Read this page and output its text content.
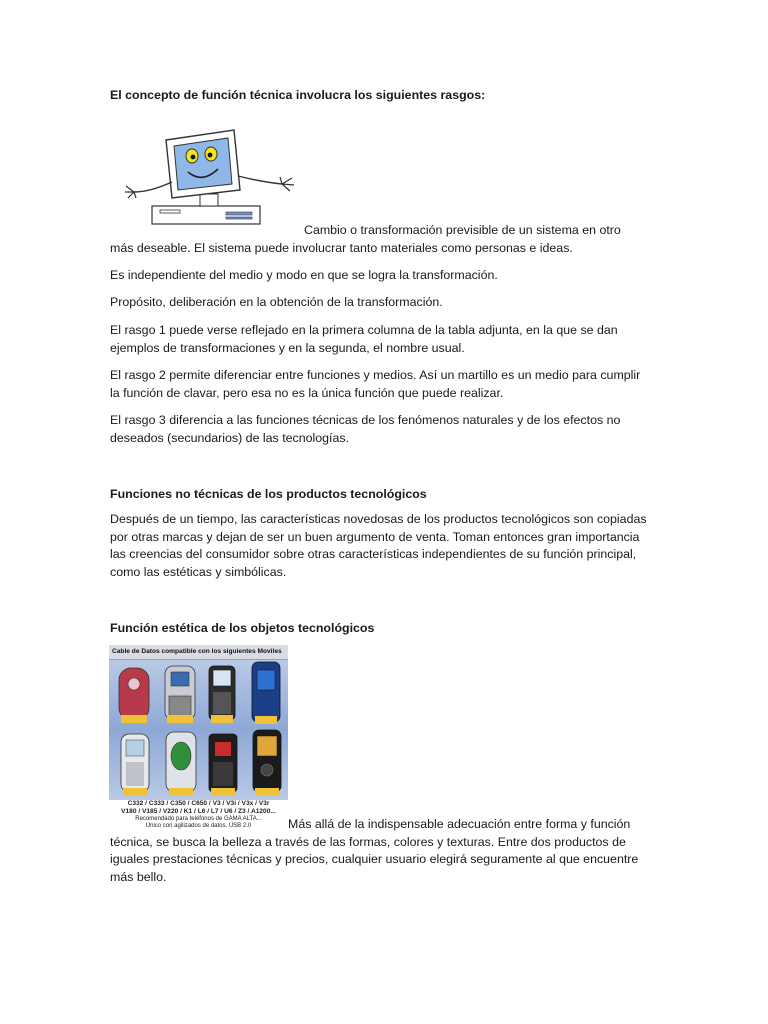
El concepto de función técnica involucra los siguientes rasgos:

Cambio o transformación previsible de un sistema en otro
más deseable. El sistema puede involucrar tanto materiales como personas e ideas.

Es independiente del medio y modo en que se logra la transformación.

Propósito, deliberación en la obtención de la transformación.

El rasgo 1 puede verse reflejado en la primera columna de la tabla adjunta, en la que se dan ejemplos de transformaciones y en la segunda, el nombre usual.

El rasgo 2 permite diferenciar entre funciones y medios. Así un martillo es un medio para cumplir la función de clavar, pero esa no es la única función que puede realizar.

El rasgo 3 diferencia a las funciones técnicas de los fenómenos naturales y de los efectos no deseados (secundarios) de las tecnologías.

Funciones no técnicas de los productos tecnológicos

Después de un tiempo, las características novedosas de los productos tecnológicos son copiadas por otras marcas y dejan de ser un buen argumento de venta. Toman entonces gran importancia las creencias del consumidor sobre otras características independientes de su función principal, como las estéticas y simbólicas.

Función estética de los objetos tecnológicos

Cable de Datos compatible con los siguientes Moviles
C332 / C333 / C350 / C650 / V3 / V3i / V3x / V3r
V180 / V185 / V220 / K1 / L6 / L7 / U6 / Z3 / A1200...
Recomendado para teléfonos de GAMA ALTA...
Unico con agilizados de datos. USB 2.0	Más allá de la indispensable adecuación entre forma y función
técnica, se busca la belleza a través de las formas, colores y texturas. Entre dos productos de iguales prestaciones técnicas y precios, cualquier usuario elegirá seguramente al que encuentre más bello.
